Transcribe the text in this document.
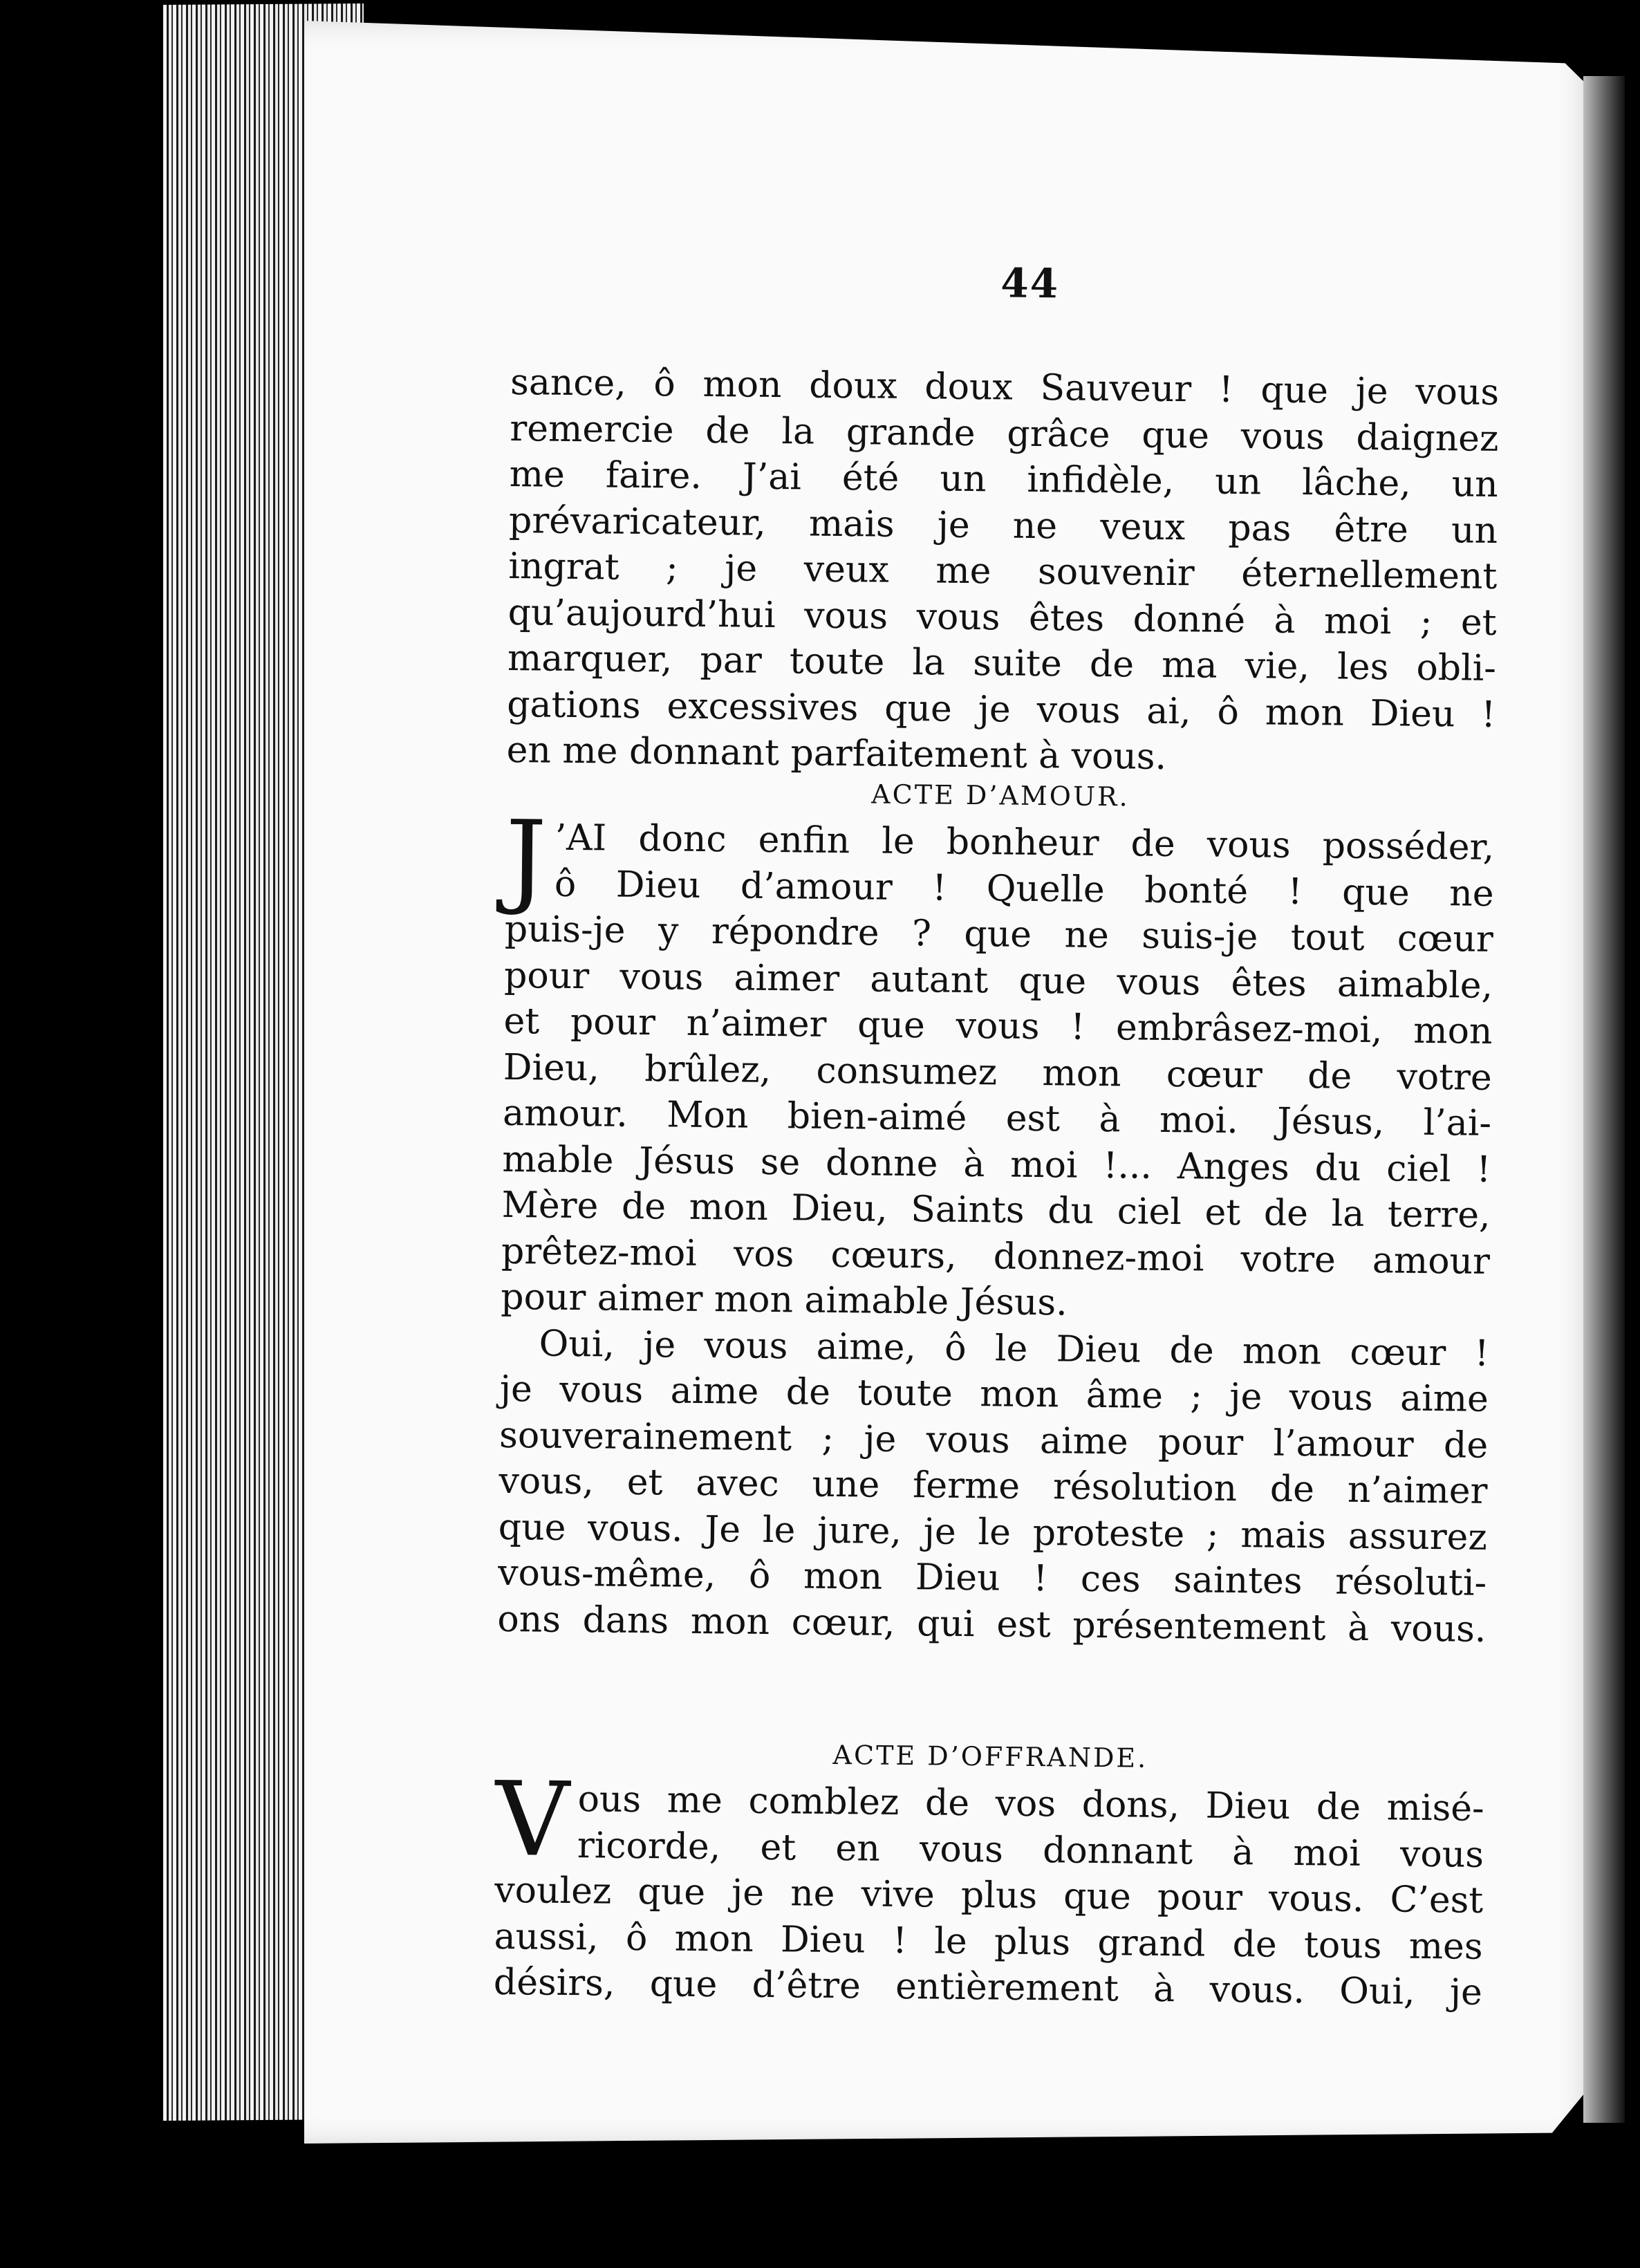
44

sance, ô mon doux doux Sauveur ! que je vous
remercie de la grande grâce que vous daignez
me faire. J’ai été un infidèle, un lâche, un
prévaricateur, mais je ne veux pas être un
ingrat ; je veux me souvenir éternellement
qu’aujourd’hui vous vous êtes donné à moi ; et
marquer, par toute la suite de ma vie, les obli-
gations excessives que je vous ai, ô mon Dieu !
en me donnant parfaitement à vous.

ACTE D’AMOUR.
J ’AI donc enfin le bonheur de vous posséder,
ô Dieu d’amour ! Quelle bonté ! que ne
puis-je y répondre ? que ne suis-je tout cœur
pour vous aimer autant que vous êtes aimable,
et pour n’aimer que vous ! embrâsez-moi, mon
Dieu, brûlez, consumez mon cœur de votre
amour. Mon bien-aimé est à moi. Jésus, l’ai-
mable Jésus se donne à moi !... Anges du ciel !
Mère de mon Dieu, Saints du ciel et de la terre,
prêtez-moi vos cœurs, donnez-moi votre amour
pour aimer mon aimable Jésus.
Oui, je vous aime, ô le Dieu de mon cœur !
je vous aime de toute mon âme ; je vous aime
souverainement ; je vous aime pour l’amour de
vous, et avec une ferme résolution de n’aimer
que vous. Je le jure, je le proteste ; mais assurez
vous-même, ô mon Dieu ! ces saintes résoluti-
ons dans mon cœur, qui est présentement à vous.
ACTE D’OFFRANDE.
V ous me comblez de vos dons, Dieu de misé-
ricorde, et en vous donnant à moi vous
voulez que je ne vive plus que pour vous. C’est
aussi, ô mon Dieu ! le plus grand de tous mes
désirs, que d’être entièrement à vous. Oui, je
